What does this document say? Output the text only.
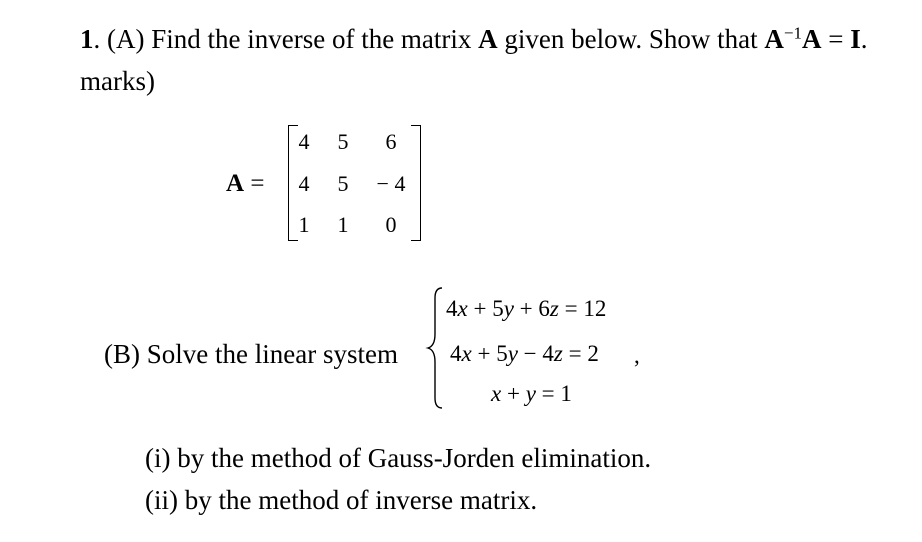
1. (A) Find the inverse of the matrix A given below. Show that $A^{-1}A = I$.
marks)
A =
4	5	6
4	5	− 4
1	1	0
(B) Solve the linear system
4x + 5y + 6z = 12
4x + 5y − 4z = 2 ,
x + y = 1
(i) by the method of Gauss-Jorden elimination.
(ii) by the method of inverse matrix.
